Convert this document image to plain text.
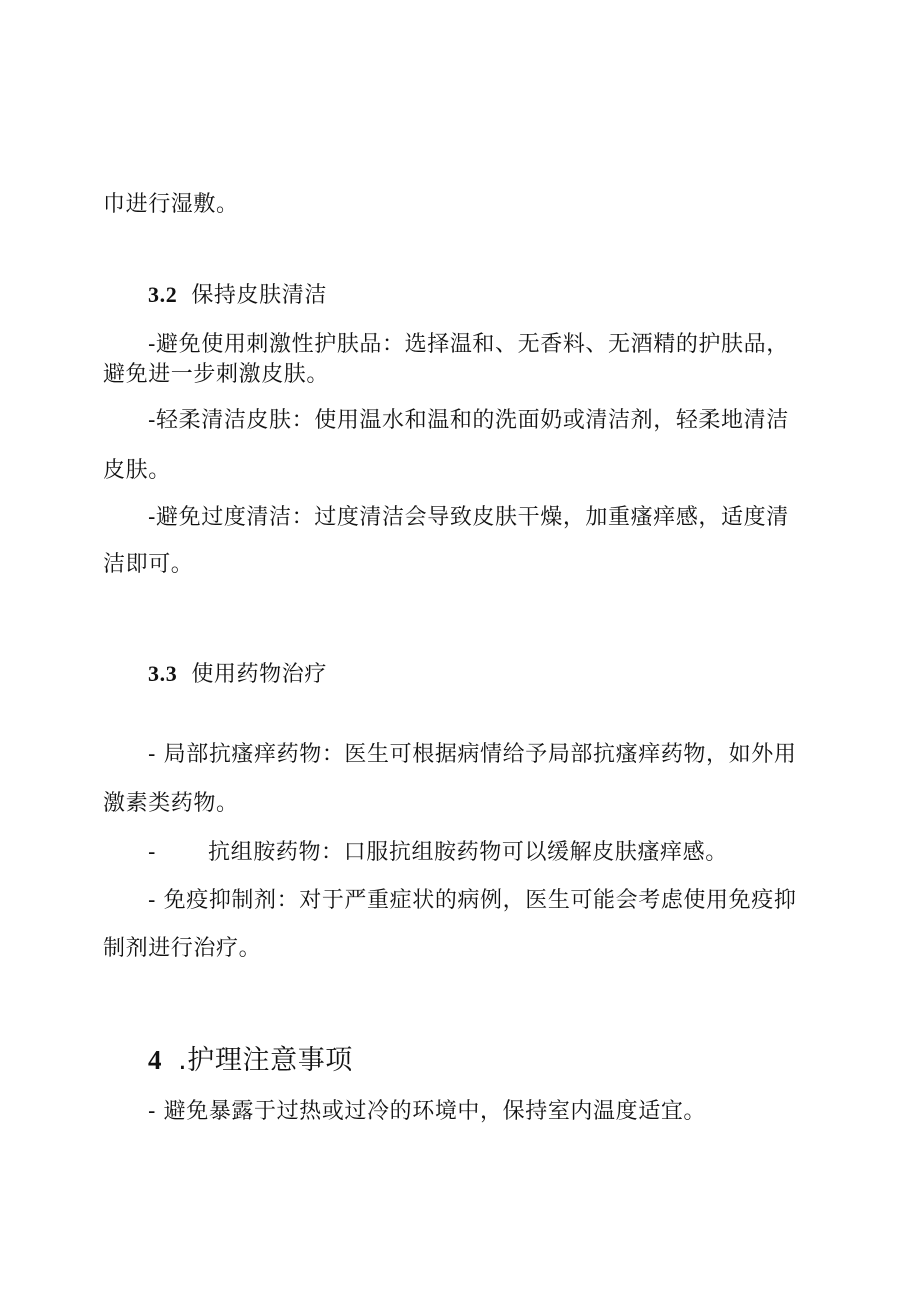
巾进行湿敷。
3.2 保持皮肤清洁
-避免使用刺激性护肤品：选择温和、无香料、无酒精的护肤品，
避免进一步刺激皮肤。
-轻柔清洁皮肤：使用温水和温和的洗面奶或清洁剂，轻柔地清洁
皮肤。
-避免过度清洁：过度清洁会导致皮肤干燥，加重瘙痒感，适度清
洁即可。
3.3 使用药物治疗
- 局部抗瘙痒药物：医生可根据病情给予局部抗瘙痒药物，如外用
激素类药物。
- 抗组胺药物：口服抗组胺药物可以缓解皮肤瘙痒感。
- 免疫抑制剂：对于严重症状的病例，医生可能会考虑使用免疫抑
制剂进行治疗。
4 .护理注意事项
- 避免暴露于过热或过冷的环境中，保持室内温度适宜。
